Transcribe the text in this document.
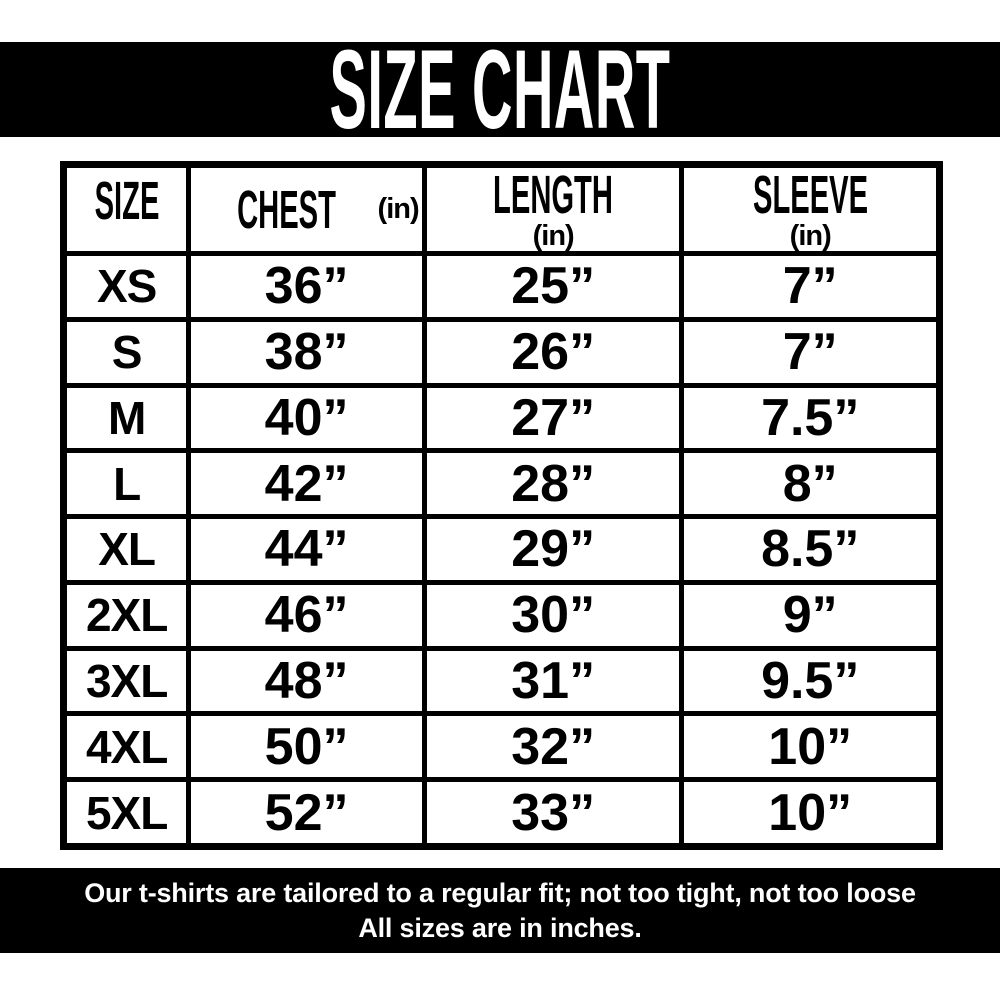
SIZE CHART
SIZE	CHEST (in)	LENGTH(in)	SLEEVE(in)
XS	36”	25”	7”
S	38”	26”	7”
M	40”	27”	7.5”
L	42”	28”	8”
XL	44”	29”	8.5”
2XL	46”	30”	9”
3XL	48”	31”	9.5”
4XL	50”	32”	10”
5XL	52”	33”	10”
Our t-shirts are tailored to a regular fit; not too tight, not too loose
All sizes are in inches.
